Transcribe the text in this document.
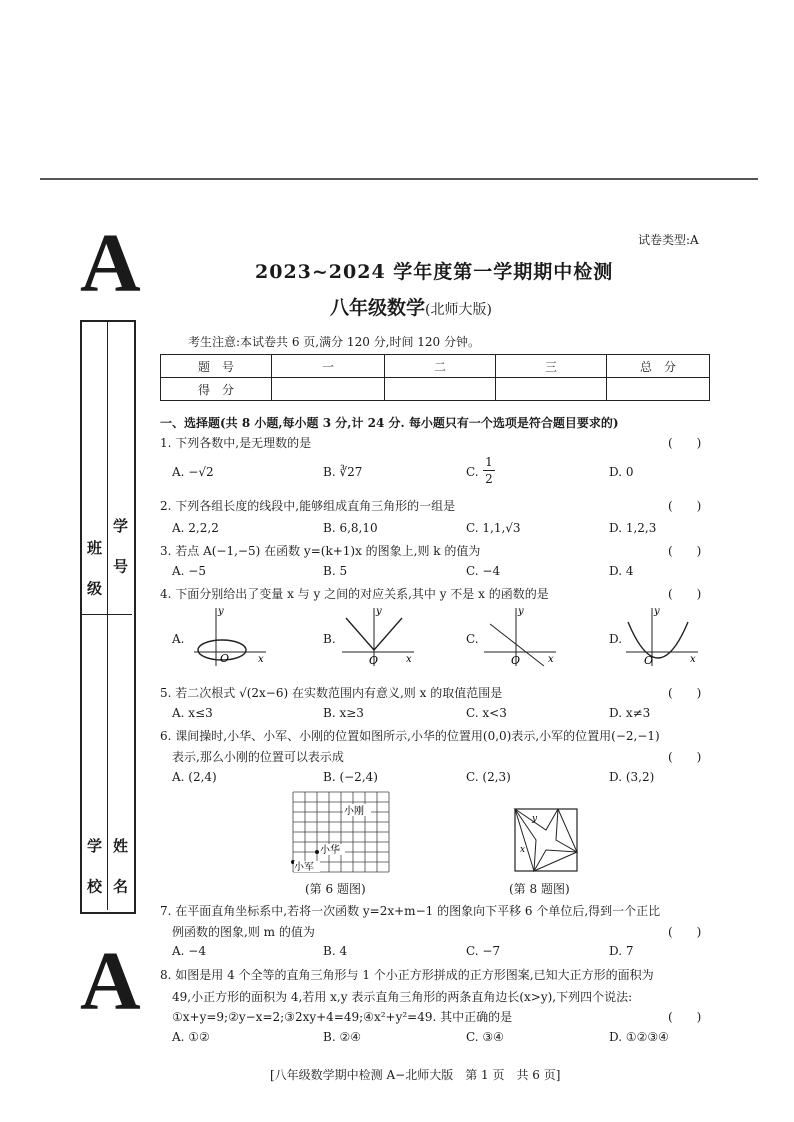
A
A
试卷类型:A
2023~2024 学年度第一学期期中检测
八年级数学(北师大版)
考生注意:本试卷共 6 页,满分 120 分,时间 120 分钟。
题　号	一	二	三	总　分
得　分				
班 级 学 号
学 校 姓 名
一、选择题(共 8 小题,每小题 3 分,计 24 分. 每小题只有一个选项是符合题目要求的)
1. 下列各数中,是无理数的是	(　　)
A. −√2	B. ∛27	C.
1
2	D. 0
2. 下列各组长度的线段中,能够组成直角三角形的一组是	(　　)
A. 2,2,2	B. 6,8,10	C. 1,1,√3	D. 1,2,3
3. 若点 A(−1,−5) 在函数 y=(k+1)x 的图象上,则 k 的值为	(　　)
A. −5	B. 5	C. −4	D. 4
4. 下面分别给出了变量 x 与 y 之间的对应关系,其中 y 不是 x 的函数的是	(　　)
A.
O	x
y
B.
O	x
y
C.
O	x
y
D.
O	x
y
5. 若二次根式 √(2x−6) 在实数范围内有意义,则 x 的取值范围是	(　　)
A. x≤3	B. x≥3	C. x<3	D. x≠3
6. 课间操时,小华、小军、小刚的位置如图所示,小华的位置用(0,0)表示,小军的位置用(−2,−1)
表示,那么小刚的位置可以表示成	(　　)
A. (2,4)	B. (−2,4)	C. (2,3)	D. (3,2)
小刚
小华
小军
(第 6 题图)
y
x
(第 8 题图)
7. 在平面直角坐标系中,若将一次函数 y=2x+m−1 的图象向下平移 6 个单位后,得到一个正比
例函数的图象,则 m 的值为	(　　)
A. −4	B. 4	C. −7	D. 7
8. 如图是用 4 个全等的直角三角形与 1 个小正方形拼成的正方形图案,已知大正方形的面积为
49,小正方形的面积为 4,若用 x,y 表示直角三角形的两条直角边长(x>y),下列四个说法:
①x+y=9;②y−x=2;③2xy+4=49;④x²+y²=49. 其中正确的是	(　　)
A. ①②	B. ②④	C. ③④	D. ①②③④
[八年级数学期中检测 A−北师大版　第 1 页　共 6 页]
